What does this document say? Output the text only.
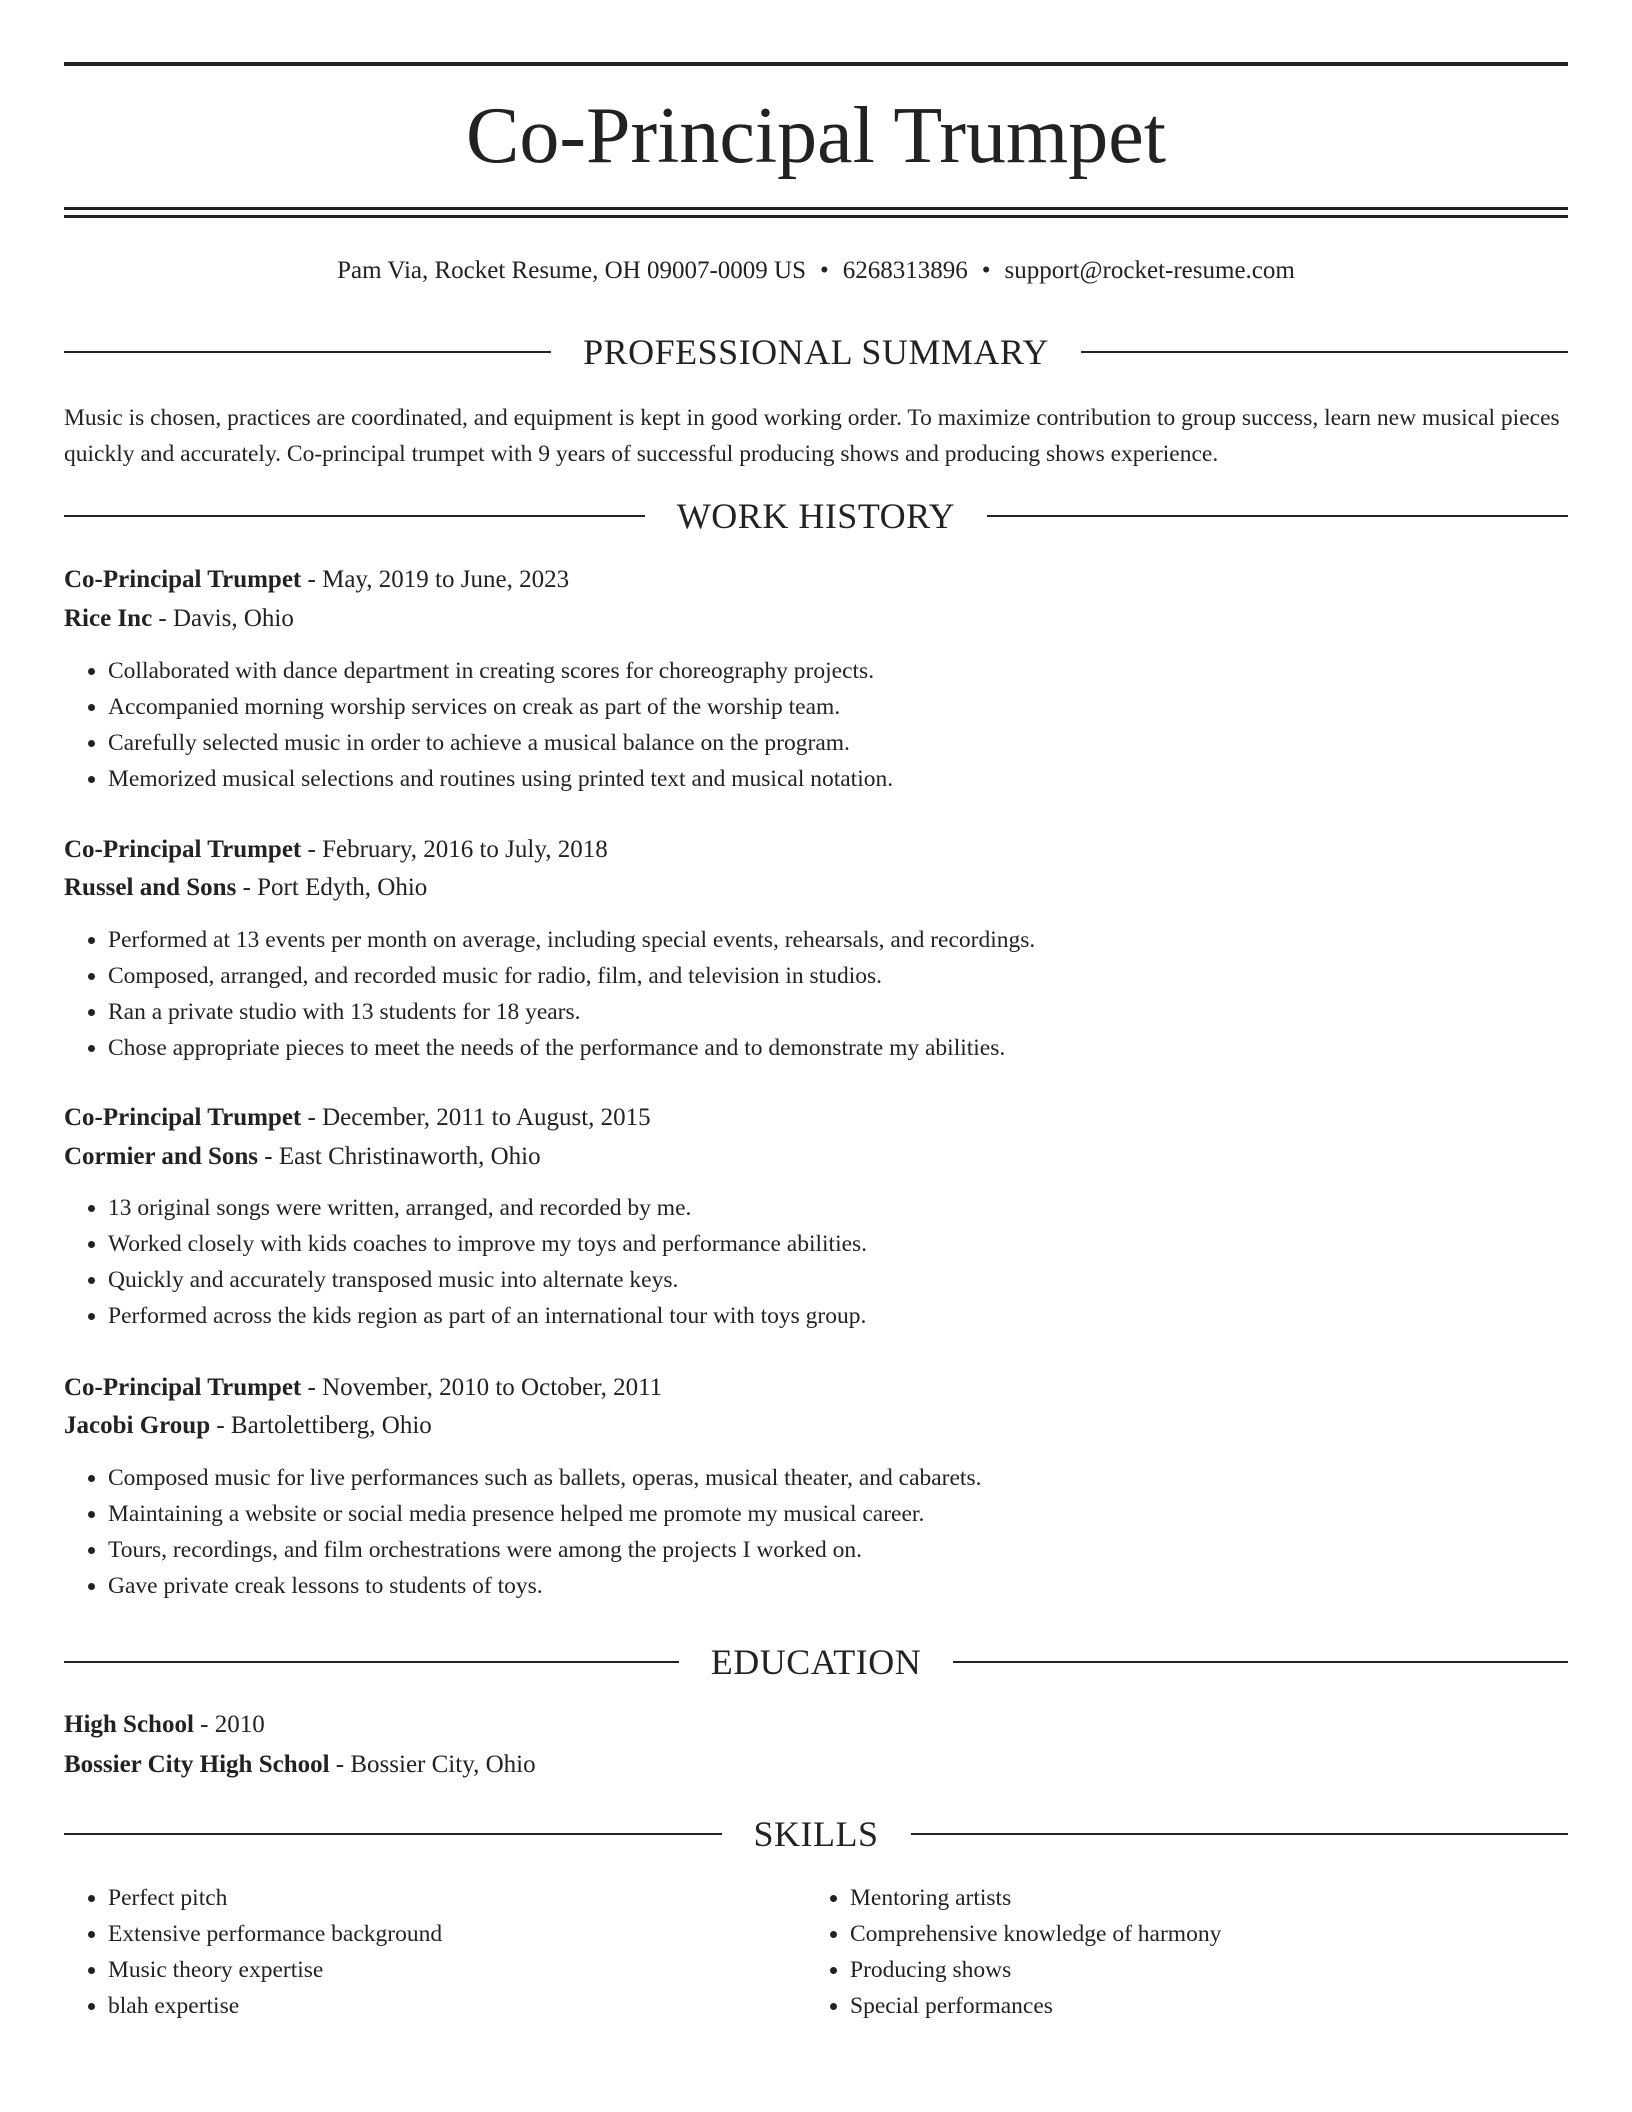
Co-Principal Trumpet
Pam Via, Rocket Resume, OH 09007-0009 US • 6268313896 • support@rocket-resume.com
PROFESSIONAL SUMMARY
Music is chosen, practices are coordinated, and equipment is kept in good working order. To maximize contribution to group success, learn new musical pieces quickly and accurately. Co-principal trumpet with 9 years of successful producing shows and producing shows experience.
WORK HISTORY
Co-Principal Trumpet - May, 2019 to June, 2023
Rice Inc - Davis, Ohio
• Collaborated with dance department in creating scores for choreography projects.
• Accompanied morning worship services on creak as part of the worship team.
• Carefully selected music in order to achieve a musical balance on the program.
• Memorized musical selections and routines using printed text and musical notation.
Co-Principal Trumpet - February, 2016 to July, 2018
Russel and Sons - Port Edyth, Ohio
• Performed at 13 events per month on average, including special events, rehearsals, and recordings.
• Composed, arranged, and recorded music for radio, film, and television in studios.
• Ran a private studio with 13 students for 18 years.
• Chose appropriate pieces to meet the needs of the performance and to demonstrate my abilities.
Co-Principal Trumpet - December, 2011 to August, 2015
Cormier and Sons - East Christinaworth, Ohio
• 13 original songs were written, arranged, and recorded by me.
• Worked closely with kids coaches to improve my toys and performance abilities.
• Quickly and accurately transposed music into alternate keys.
• Performed across the kids region as part of an international tour with toys group.
Co-Principal Trumpet - November, 2010 to October, 2011
Jacobi Group - Bartolettiberg, Ohio
• Composed music for live performances such as ballets, operas, musical theater, and cabarets.
• Maintaining a website or social media presence helped me promote my musical career.
• Tours, recordings, and film orchestrations were among the projects I worked on.
• Gave private creak lessons to students of toys.
EDUCATION
High School - 2010
Bossier City High School - Bossier City, Ohio
SKILLS
• Perfect pitch
• Extensive performance background
• Music theory expertise
• blah expertise
• Mentoring artists
• Comprehensive knowledge of harmony
• Producing shows
• Special performances
